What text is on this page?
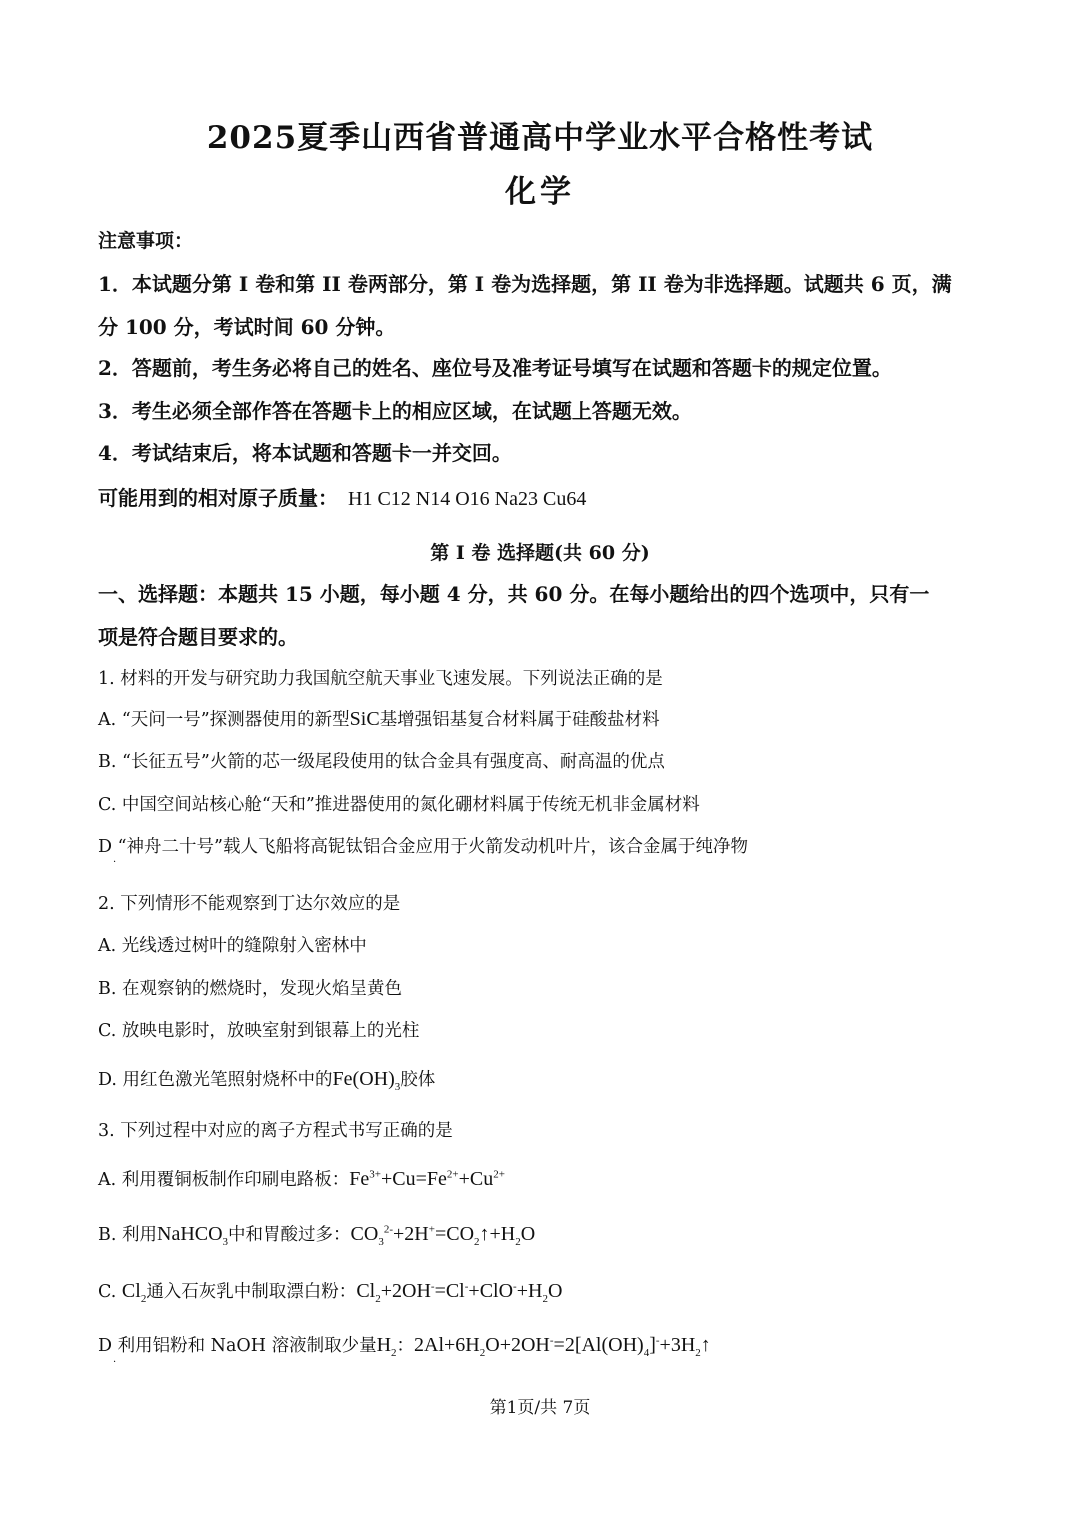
2025夏季山西省普通高中学业水平合格性考试
化学
注意事项：
1．本试题分第 I 卷和第 II 卷两部分，第 I 卷为选择题，第 II 卷为非选择题。试题共 6 页，满
分 100 分，考试时间 60 分钟。
2．答题前，考生务必将自己的姓名、座位号及准考证号填写在试题和答题卡的规定位置。
3．考生必须全部作答在答题卡上的相应区域，在试题上答题无效。
4．考试结束后，将本试题和答题卡一并交回。
可能用到的相对原子质量： H1 C12 N14 O16 Na23 Cu64
第 I 卷 选择题(共 60 分)
一、选择题：本题共 15 小题，每小题 4 分，共 60 分。在每小题给出的四个选项中，只有一
项是符合题目要求的。
1. 材料的开发与研究助力我国航空航天事业飞速发展。下列说法正确的是
A. “天问一号”探测器使用的新型SiC基增强铝基复合材料属于硅酸盐材料
B. “长征五号”火箭的芯一级尾段使用的钛合金具有强度高、耐高温的优点
C. 中国空间站核心舱“天和”推进器使用的氮化硼材料属于传统无机非金属材料
D “神舟二十号”载人飞船将高铌钛铝合金应用于火箭发动机叶片，该合金属于纯净物
·
2. 下列情形不能观察到丁达尔效应的是
A. 光线透过树叶的缝隙射入密林中
B. 在观察钠的燃烧时，发现火焰呈黄色
C. 放映电影时，放映室射到银幕上的光柱
D. 用红色激光笔照射烧杯中的$Fe(OH)_3$胶体
3. 下列过程中对应的离子方程式书写正确的是
A. 利用覆铜板制作印刷电路板：$Fe^{3+}+Cu=Fe^{2+}+Cu^{2+}$
B. 利用NaHCO$_3$中和胃酸过多：$CO_3^{2-}+2H^+=CO_2↑+H_2O$
C. $Cl_2$通入石灰乳中制取漂白粉：$Cl_2+2OH^-=Cl^-+ClO^-+H_2O$
D 利用铝粉和 NaOH 溶液制取少量$H_2$：$2Al+6H_2O+2OH^-=2[Al(OH)_4]^-+3H_2↑$
·
第1页/共 7页
